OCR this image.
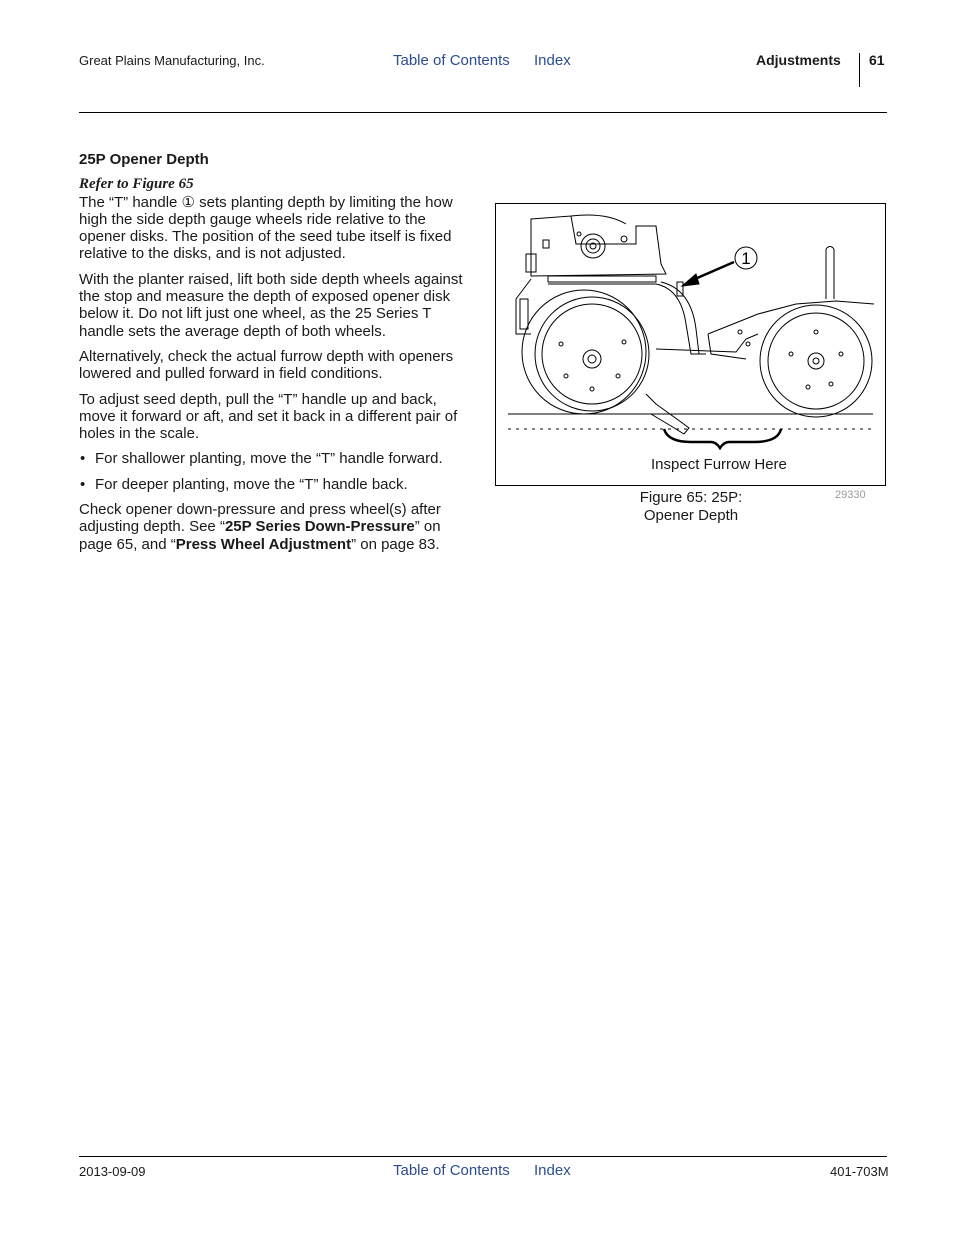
Great Plains Manufacturing, Inc.	Table of Contents Index	Adjustments 61
25P Opener Depth
Refer to Figure 65

The “T” handle ① sets planting depth by limiting the how high the side depth gauge wheels ride relative to the opener disks. The position of the seed tube itself is fixed relative to the disks, and is not adjusted.

With the planter raised, lift both side depth wheels against the stop and measure the depth of exposed opener disk below it. Do not lift just one wheel, as the 25 Series T handle sets the average depth of both wheels.

Alternatively, check the actual furrow depth with openers lowered and pulled forward in field conditions.

To adjust seed depth, pull the “T” handle up and back, move it forward or aft, and set it back in a different pair of holes in the scale.

• For shallower planting, move the “T” handle forward.
• For deeper planting, move the “T” handle back.

Check opener down-pressure and press wheel(s) after adjusting depth. See “25P Series Down-Pressure” on page 65, and “Press Wheel Adjustment” on page 83.

1
Inspect Furrow Here
Figure 65: 25P:
Opener Depth
29330
2013-09-09	Table of Contents Index	401-703M
